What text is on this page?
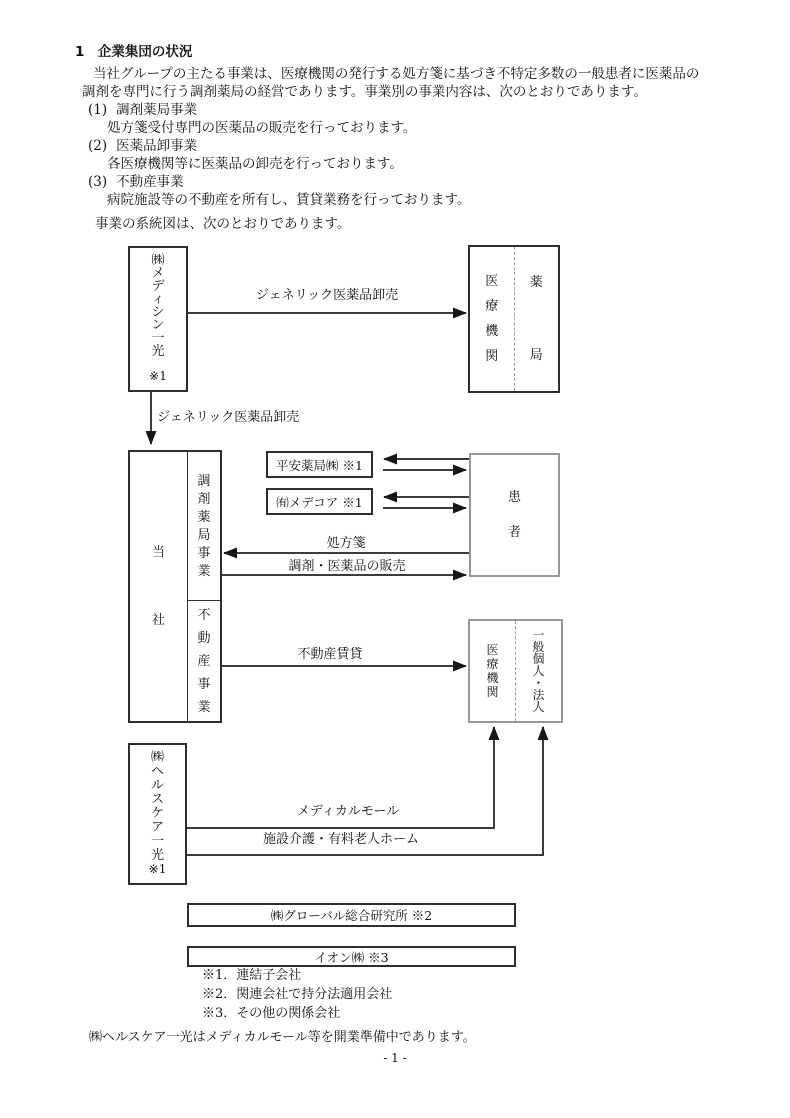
1　企業集団の状況
当社グループの主たる事業は、医療機関の発行する処方箋に基づき不特定多数の一般患者に医薬品の
調剤を専門に行う調剤薬局の経営であります。事業別の事業内容は、次のとおりであります。
(1) 調剤薬局事業
処方箋受付専門の医薬品の販売を行っております。
(2) 医薬品卸事業
各医療機関等に医薬品の卸売を行っております。
(3) 不動産事業
病院施設等の不動産を所有し、賃貸業務を行っております。
事業の系統図は、次のとおりであります。
㈱
メ
デ
ィ
シ
ン
一
光
※1
医
療
機
関
薬
局
当
社
調
剤
薬
局
事
業
不
動
産
事
業
平安薬局㈱ ※1
㈲メデコア ※1	患
者
医
療
機
関
一
般
個
人
・
法
人
㈱
ヘ
ル
ス
ケ
ア
一
光
※1
㈱グローバル総合研究所 ※2
イオン㈱ ※3
ジェネリック医薬品卸売
ジェネリック医薬品卸売
処方箋
調剤・医薬品の販売
不動産賃貸
メディカルモール
施設介護・有料老人ホーム
※1．連結子会社
※2．関連会社で持分法適用会社
※3．その他の関係会社
㈱ヘルスケア一光はメディカルモール等を開業準備中であります。
- 1 -
